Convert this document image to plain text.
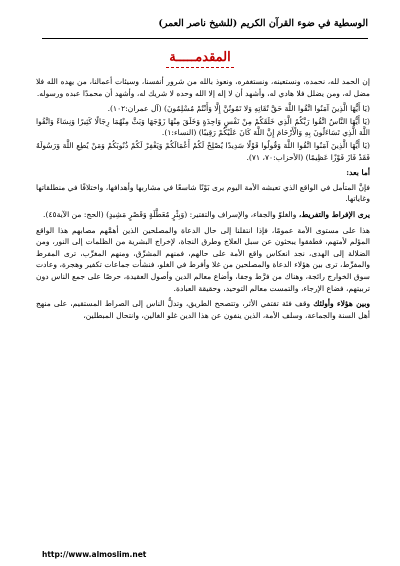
الوسطية في ضوء القرآن الكريم (للشيخ ناصر العمر)
المقدمـــــة

إن الحمد لله، نحمده، ونستعينه، ونستغفره، ونعوذ بالله من شرور أنفسنا، وسيئات أعمالنا، من يهده الله فلا مضل له، ومن يضلل فلا هادي له، وأشهد أن لا إله إلا الله وحده لا شريك له، وأشهد أن محمدًا عبده ورسوله.

(يَا أَيُّهَا الَّذِينَ آمَنُوا اتَّقُوا اللَّهَ حَقَّ تُقَاتِهِ وَلا تَمُوتُنَّ إِلَّا وَأَنْتُمْ مُسْلِمُونَ) (آل عمران:١٠٢).

(يَا أَيُّهَا النَّاسُ اتَّقُوا رَبَّكُمُ الَّذِي خَلَقَكُمْ مِنْ نَفْسٍ وَاحِدَةٍ وَخَلَقَ مِنْهَا زَوْجَهَا وَبَثَّ مِنْهُمَا رِجَالًا كَثِيرًا وَنِسَاءً وَاتَّقُوا اللَّهَ الَّذِي تَسَاءَلُونَ بِهِ وَالْأَرْحَامَ إِنَّ اللَّهَ كَانَ عَلَيْكُمْ رَقِيبًا) (النساء:١).

(يَا أَيُّهَا الَّذِينَ آمَنُوا اتَّقُوا اللَّهَ وَقُولُوا قَوْلًا سَدِيدًا يُصْلِحْ لَكُمْ أَعْمَالَكُمْ وَيَغْفِرْ لَكُمْ ذُنُوبَكُمْ وَمَنْ يُطِعِ اللَّهَ وَرَسُولَهُ فَقَدْ فَازَ فَوْزًا عَظِيمًا) (الأحزاب:٧٠، ٧١).

أما بعد:

فإنَّ المتأمل في الواقع الذي تعيشه الأمة اليوم يرى بَوْنًا شاسعًا في مشاربها وأهدافها، واختلافًا في منطلقاتها وغاياتها.

يرى الإفراط والتفريط، والغلوّ والجفاء، والإسراف والتقتير: (وَبِئْرٍ مُعَطَّلَةٍ وَقَصْرٍ مَشِيدٍ) (الحج: من الآية٤٥).

هذا على مستوى الأمة عمومًا، فإذا انتقلنا إلى حال الدعاة والمصلحين الذين أهمَّهم مصابهم هذا الواقع المؤلم لأمتهم، فطفقوا يبحثون عن سبل العلاج وطرق النجاة، لإخراج البشرية من الظلمات إلى النور، ومن الضلالة إلى الهدى، نجد انعكاس واقع الأمة على حالهم، فمنهم المشرِّق، ومنهم المغرِّب، ترى المفرط والمفرِّط، ترى بين هؤلاء الدعاة والمصلحين من غلا وأفرط في الغلو، فنشأت جماعات تكفير وهجرة، وعادت سوق الخوارج رائجة، وهناك من فرَّط وجفا، وأضاع معالم الدين وأصول العقيدة، حرصًا على جمع الناس دون تربيتهم، فضاع الإرجاء، والتمست معالم التوحيد، وحقيقة العبادة.

وبين هؤلاء وأولئك وقف فئة تقتفي الأثر، وتتصحح الطريق، وتدلُّ الناس إلى الصراط المستقيم، على منهج أهل السنة والجماعة، وسلف الأمة، الذين ينفون عن هذا الدين غلو الغالين، وانتحال المبطلين،

http://www.almoslim.net
